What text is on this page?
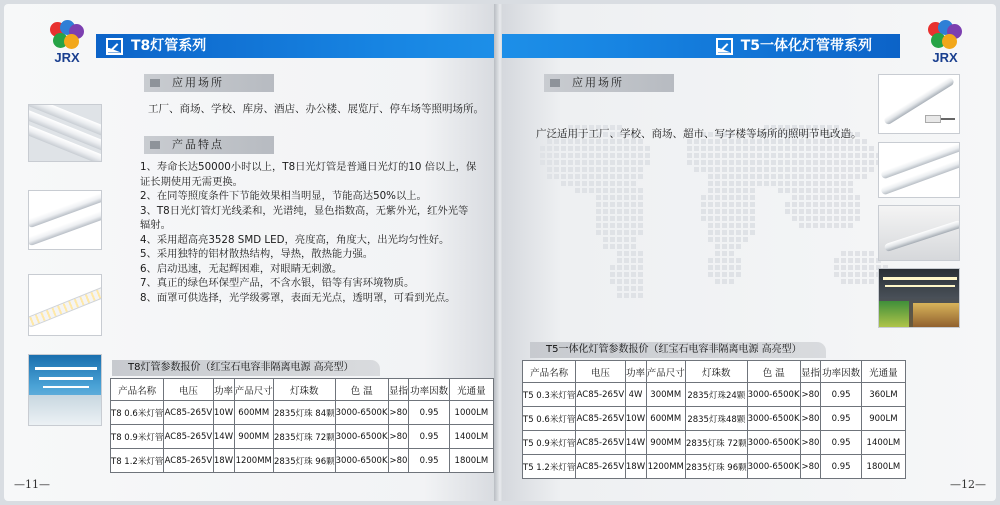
JRX
T8灯管系列
应用场所
工厂、商场、学校、库房、酒店、办公楼、展览厅、停车场等照明场所。
产品特点
1、寿命长达50000小时以上，T8日光灯管是普通日光灯的10 倍以上，保
证长期使用无需更换。
2、在同等照度条件下节能效果相当明显，节能高达50%以上。
3、T8日光灯管灯光线柔和，光谱纯，显色指数高，无紫外光，红外光等
辐射。
4、采用超高亮3528 SMD LED，亮度高，角度大，出光均匀性好。
5、采用独特的铝材散热结构，导热，散热能力强。
6、启动迅速，无起辉困难，对眼睛无刺激。
7、真正的绿色环保型产品，不含水银，铅等有害环境物质。
8、面罩可供选择，光学级雾罩，表面无光点，透明罩，可看到光点。
T8灯管参数报价（红宝石电容非隔离电源 高亮型）
产品名称	电压	功率	产品尺寸	灯珠数	色 温	显指	功率因数	光通量
T8 0.6米灯管	AC85-265V	10W	600MM	2835灯珠 84颗	3000-6500K	>80	0.95	1000LM
T8 0.9米灯管	AC85-265V	14W	900MM	2835灯珠 72颗	3000-6500K	>80	0.95	1400LM
T8 1.2米灯管	AC85-265V	18W	1200MM	2835灯珠 96颗	3000-6500K	>80	0.95	1800LM
—11—
T5一体化灯管带系列
JRX
应用场所
广泛适用于工厂、学校、商场、超市、写字楼等场所的照明节电改造。
T5一体化灯管参数报价（红宝石电容非隔离电源 高亮型）
产品名称	电压	功率	产品尺寸	灯珠数	色 温	显指	功率因数	光通量
T5 0.3米灯管	AC85-265V	4W	300MM	2835灯珠24颗	3000-6500K	>80	0.95	360LM
T5 0.6米灯管	AC85-265V	10W	600MM	2835灯珠48颗	3000-6500K	>80	0.95	900LM
T5 0.9米灯管	AC85-265V	14W	900MM	2835灯珠 72颗	3000-6500K	>80	0.95	1400LM
T5 1.2米灯管	AC85-265V	18W	1200MM	2835灯珠 96颗	3000-6500K	>80	0.95	1800LM
—12—
